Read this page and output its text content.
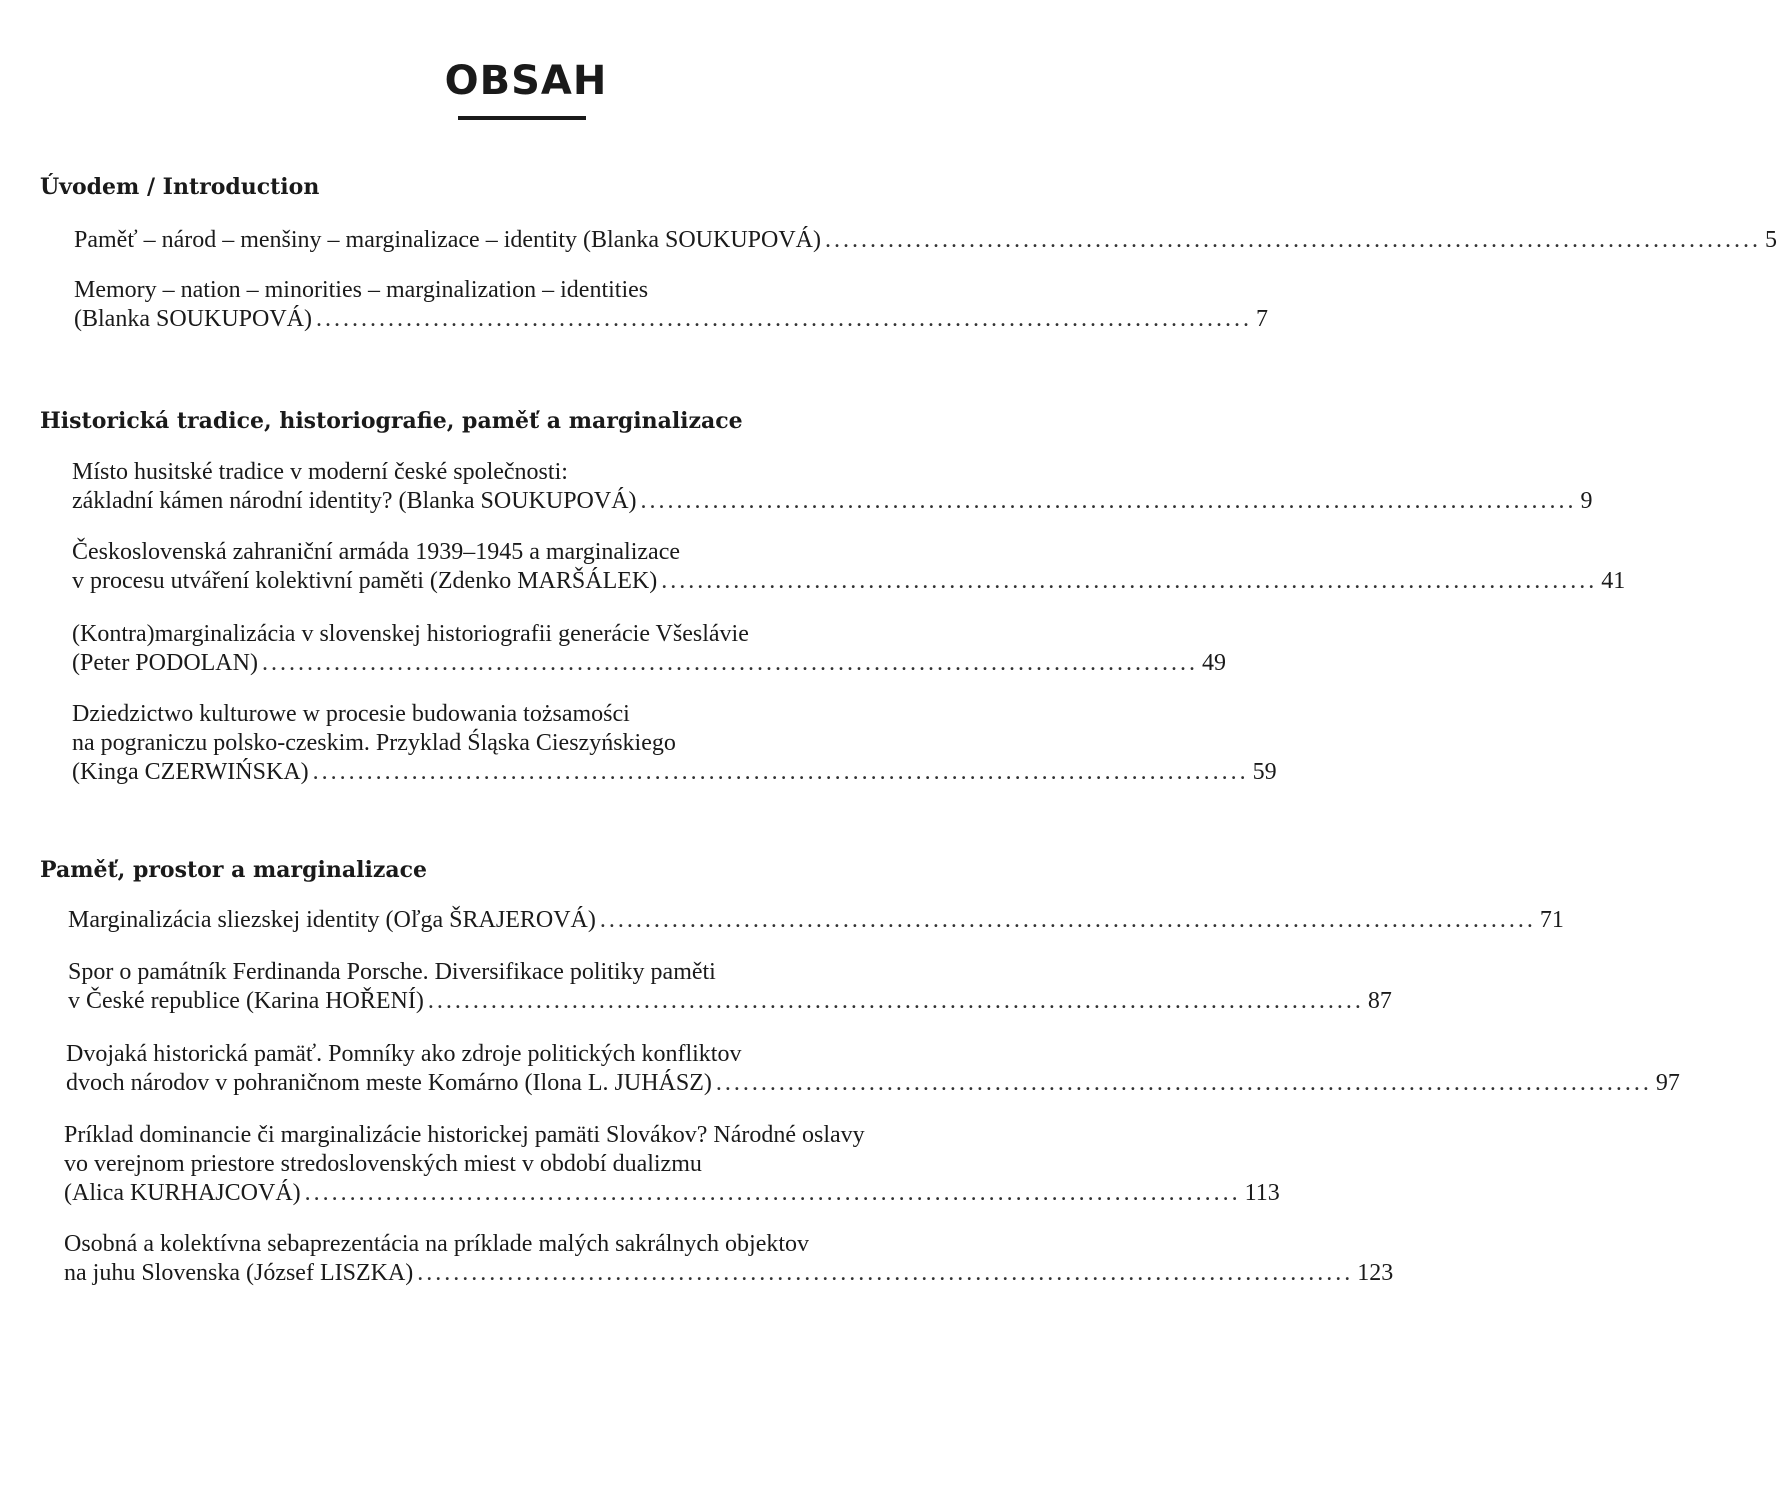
OBSAH
Úvodem / Introduction
Paměť – národ – menšiny – marginalizace – identity (Blanka SOUKUPOVÁ) ........................................................................................................ 5
Memory – nation – minorities – marginalization – identities
(Blanka SOUKUPOVÁ) ........................................................................................................ 7
Historická tradice, historiografie, paměť a marginalizace
Místo husitské tradice v moderní české společnosti:
základní kámen národní identity? (Blanka SOUKUPOVÁ) ........................................................................................................ 9
Československá zahraniční armáda 1939–1945 a marginalizace
v procesu utváření kolektivní paměti (Zdenko MARŠÁLEK) ........................................................................................................ 41
(Kontra)marginalizácia v slovenskej historiografii generácie Všeslávie
(Peter PODOLAN) ........................................................................................................ 49
Dziedzictwo kulturowe w procesie budowania tożsamości
na pograniczu polsko-czeskim. Przyklad Śląska Cieszyńskiego
(Kinga CZERWIŃSKA) ........................................................................................................ 59
Paměť, prostor a marginalizace
Marginalizácia sliezskej identity (Oľga ŠRAJEROVÁ) ........................................................................................................ 71
Spor o památník Ferdinanda Porsche. Diversifikace politiky paměti
v České republice (Karina HOŘENÍ) ........................................................................................................ 87
Dvojaká historická pamäť. Pomníky ako zdroje politických konfliktov
dvoch národov v pohraničnom meste Komárno (Ilona L. JUHÁSZ) ........................................................................................................ 97
Príklad dominancie či marginalizácie historickej pamäti Slovákov? Národné oslavy
vo verejnom priestore stredoslovenských miest v období dualizmu
(Alica KURHAJCOVÁ) ........................................................................................................ 113
Osobná a kolektívna sebaprezentácia na príklade malých sakrálnych objektov
na juhu Slovenska (József LISZKA) ........................................................................................................ 123
